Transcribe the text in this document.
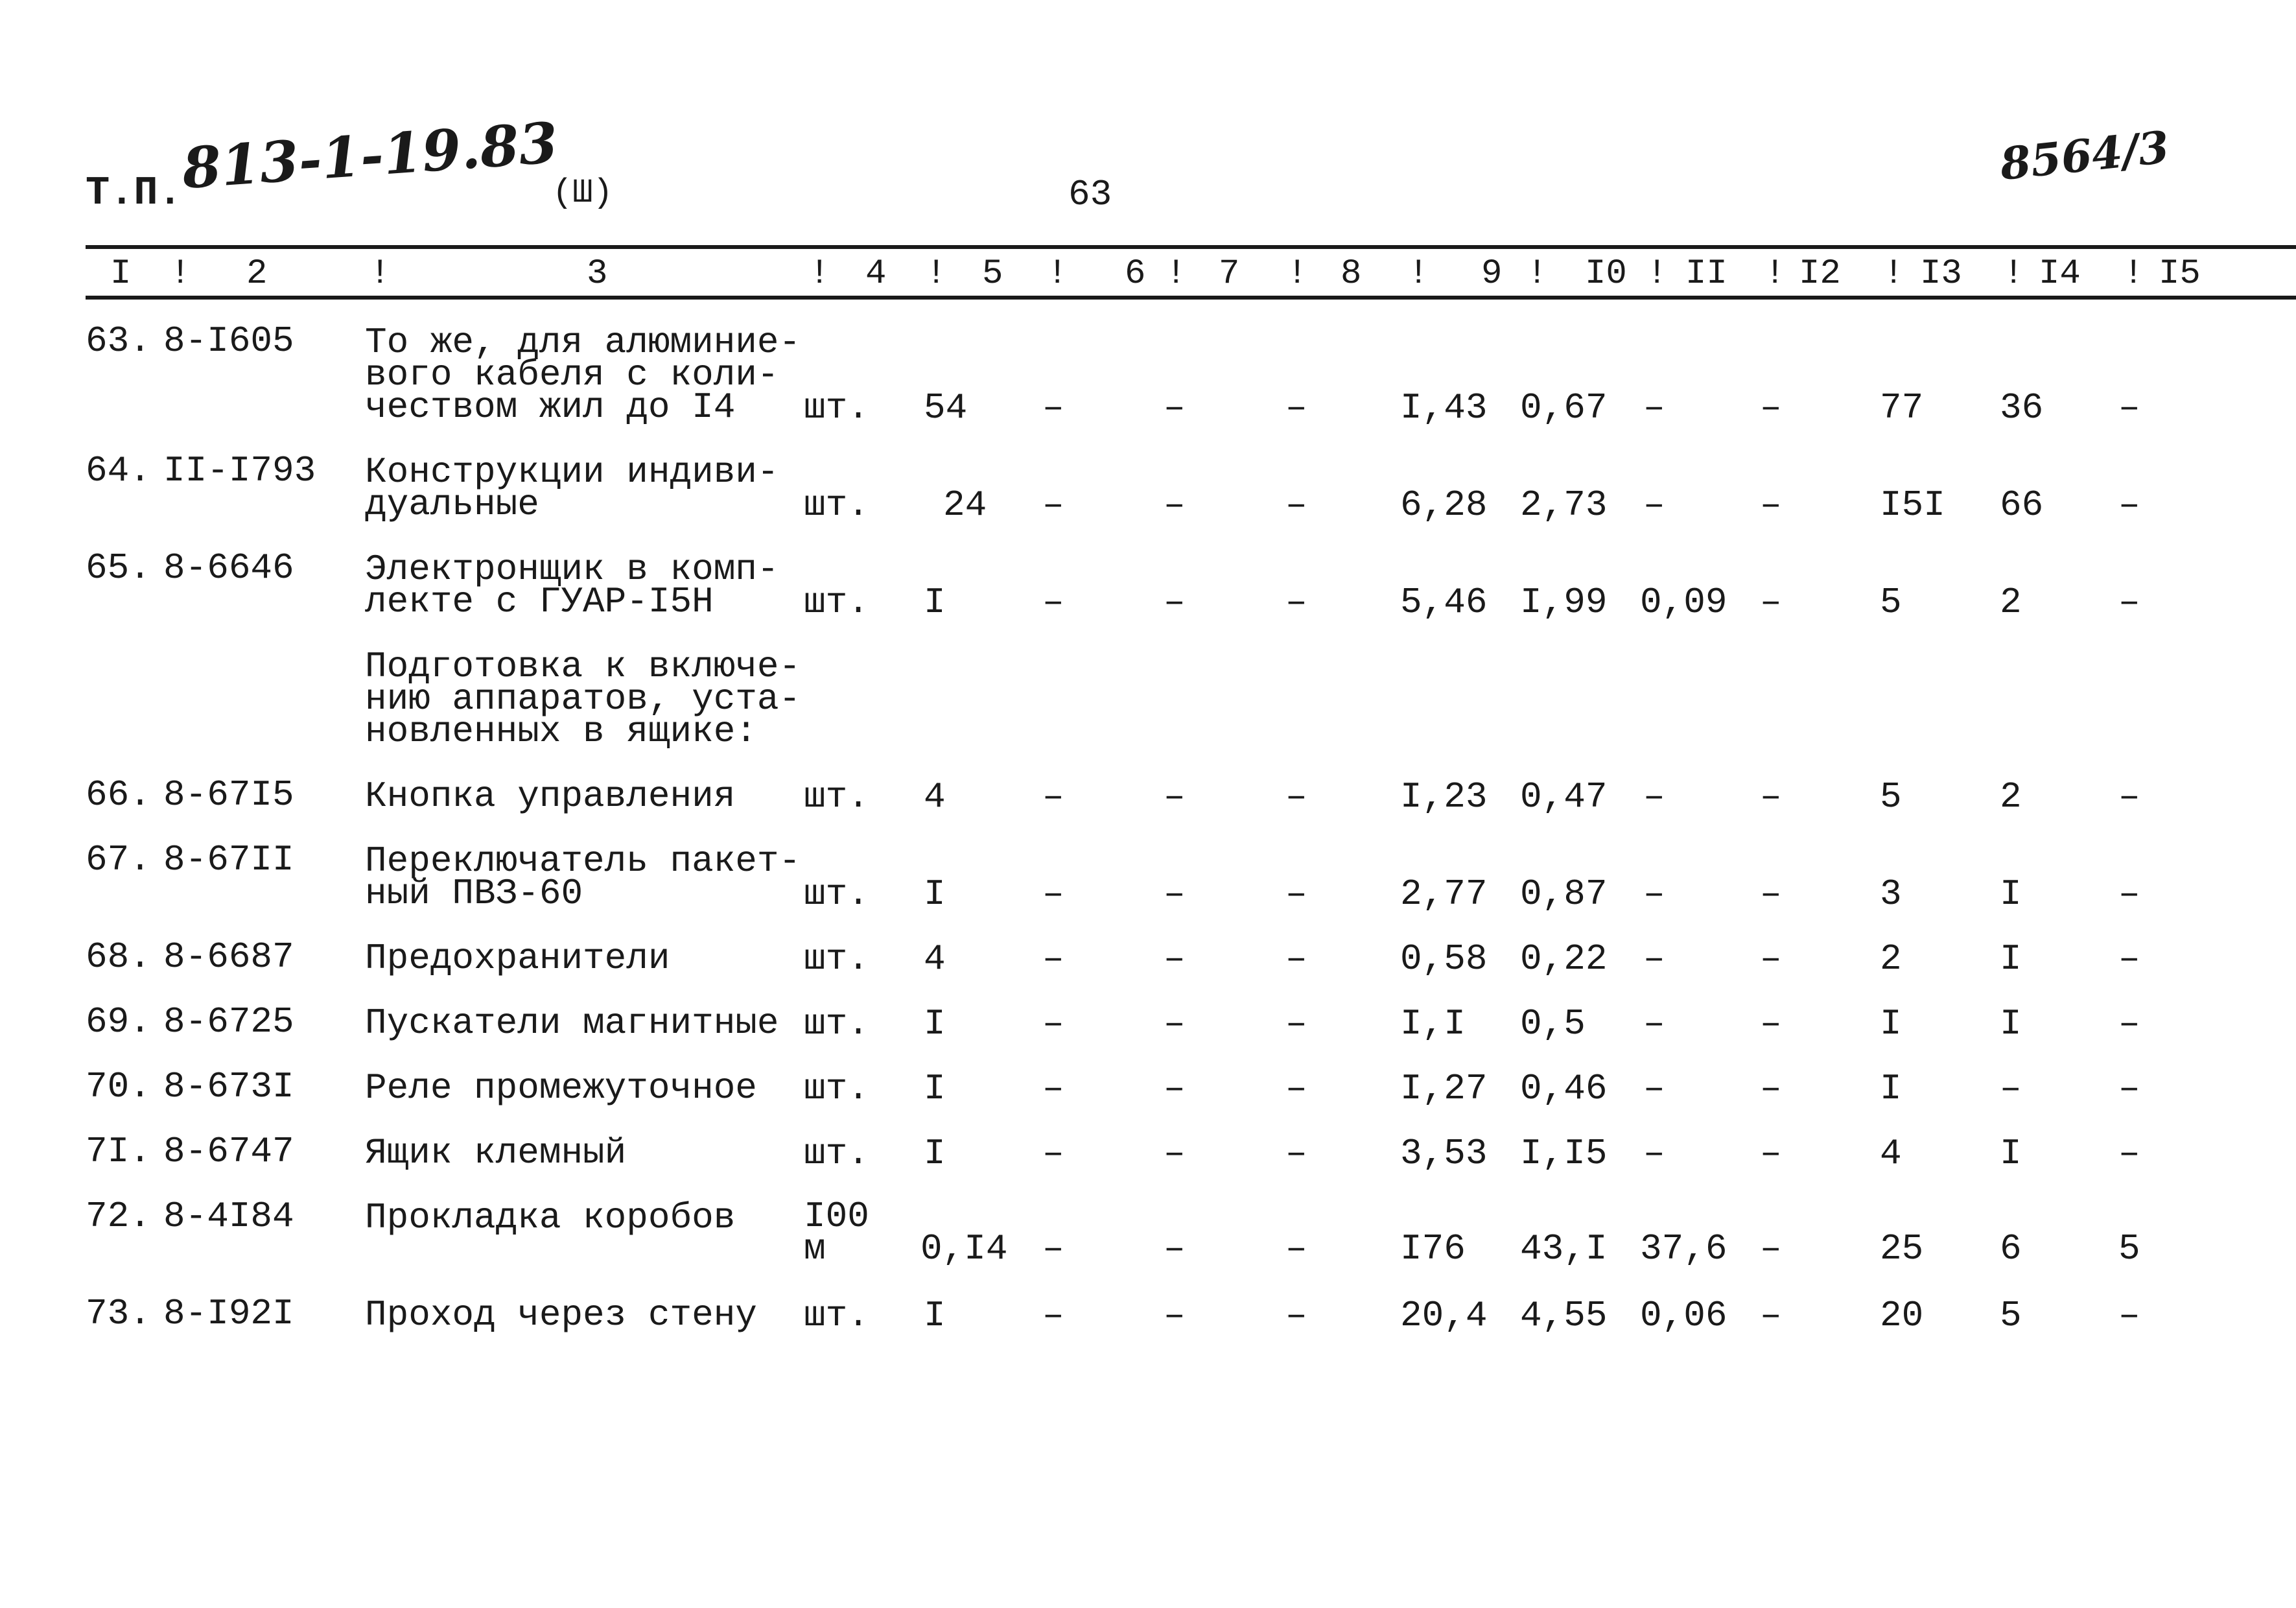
Т.П.
813-1-19.83
(Ш)	63
8564/3
I ! 2	!	3	! 4 ! 5 ! 6 ! 7 ! 8 ! 9 ! I0 ! II ! I2 ! I3 ! I4 ! I5
63. 8-I605 То же, для алюминие-
вого кабеля с коли-
чеством жил до I4 шт. 54 –	–	–	I,43 0,67 –	–	77 36 –
64. II-I793 Конструкции индиви-
дуальные	шт. 24 –	–	–	6,28 2,73 –	–	I5I 66 –
65. 8-6646 Электронщик в комп-
лекте с ГУАР-I5Н шт. I	–	–	–	5,46 I,99 0,09 –	5	2	–
Подготовка к включе-
нию аппаратов, уста-
новленных в ящике:
66. 8-67I5 Кнопка управления шт. 4	–	–	–	I,23 0,47 –	–	5	2	–
67. 8-67II Переключатель пакет-
ный ПВЗ-60	шт. I	–	–	–	2,77 0,87 –	–	3	I	–
68. 8-6687 Предохранители	шт. 4	–	–	–	0,58 0,22 –	–	2	I	–
69. 8-6725 Пускатели магнитные шт. I	–	–	–	I,I 0,5 –	–	I	I	–
70. 8-673I Реле промежуточное шт. I	–	–	–	I,27 0,46 –	–	I	–	–
7I. 8-6747 Ящик клемный	шт. I	–	–	–	3,53 I,I5 –	–	4	I	–
72. 8-4I84 Прокладка коробов I00
м	0,I4 –	–	–	I76 43,I 37,6 –	25 6	5
73. 8-I92I Проход через стену шт. I	–	–	–	20,4 4,55 0,06 –	20 5	–
